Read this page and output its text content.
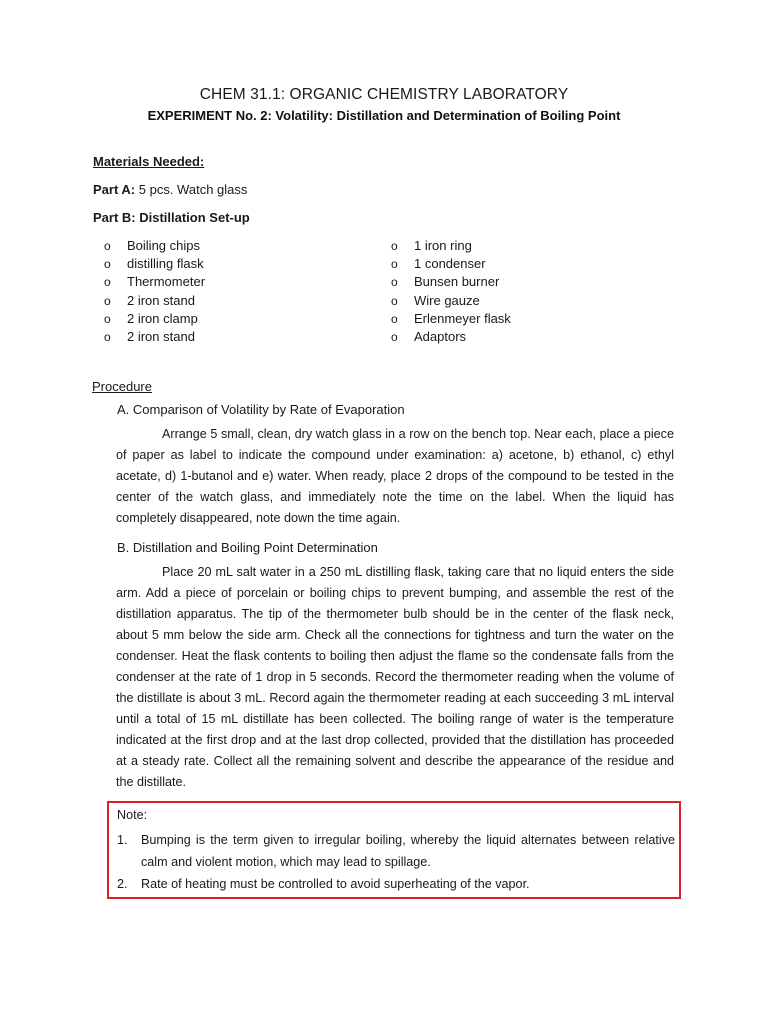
CHEM 31.1: ORGANIC CHEMISTRY LABORATORY
EXPERIMENT No. 2: Volatility: Distillation and Determination of Boiling Point
Materials Needed:
Part A: 5 pcs. Watch glass
Part B: Distillation Set-up
o Boiling chips
o distilling flask
o Thermometer
o 2 iron stand
o 2 iron clamp
o 2 iron stand
o 1 iron ring
o 1 condenser
o Bunsen burner
o Wire gauze
o Erlenmeyer flask
o Adaptors
Procedure
A. Comparison of Volatility by Rate of Evaporation

Arrange 5 small, clean, dry watch glass in a row on the bench top. Near each, place a piece of paper as label to indicate the compound under examination: a) acetone, b) ethanol, c) ethyl acetate, d) 1-butanol and e) water. When ready, place 2 drops of the compound to be tested in the center of the watch glass, and immediately note the time on the label. When the liquid has completely disappeared, note down the time again.

B. Distillation and Boiling Point Determination

Place 20 mL salt water in a 250 mL distilling flask, taking care that no liquid enters the side arm. Add a piece of porcelain or boiling chips to prevent bumping, and assemble the rest of the distillation apparatus. The tip of the thermometer bulb should be in the center of the flask neck, about 5 mm below the side arm. Check all the connections for tightness and turn the water on the condenser. Heat the flask contents to boiling then adjust the flame so the condensate falls from the condenser at the rate of 1 drop in 5 seconds. Record the thermometer reading when the volume of the distillate is about 3 mL. Record again the thermometer reading at each succeeding 3 mL interval until a total of 15 mL distillate has been collected. The boiling range of water is the temperature indicated at the first drop and at the last drop collected, provided that the distillation has proceeded at a steady rate. Collect all the remaining solvent and describe the appearance of the residue and the distillate.

Note:
1. Bumping is the term given to irregular boiling, whereby the liquid alternates between relative calm and violent motion, which may lead to spillage.
2. Rate of heating must be controlled to avoid superheating of the vapor.
